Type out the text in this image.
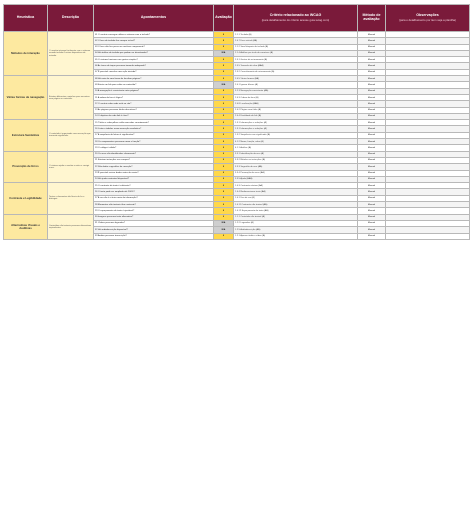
Heurística	Descrição	Apontamentos	Avaliação	Critério relacionado ao WCAG
(para detalhamento do critério acesse guia-wcag.com)	Método de avaliação	Observações
(para o detalhamento por item veja a planilha)

Métodos de interação	O usuário interage facilmente com o sistema usando teclado e outros dispositivos de entrada.	01 O usuário consegue utilizar o sistema com o teclado?	0	2.1.1 Teclado (A)	Manual	
		02 O foco do teclado fica sempre visível?	0	2.4.7 Foco visível (AA)	Manual	
		03 O foco não fica preso em nenhum componente?	0	2.1.2 Sem bloqueio do teclado (A)	Manual	
		04 Há atalhos de teclado que podem ser desativados?	N/A	2.1.4 Atalhos por tecla de caractere (A)	Manual	
		05 O sistema funciona com gestos simples?	0	2.5.1 Gestos de acionamento (A)	Manual	
		06 As áreas de toque possuem tamanho adequado?	0	2.5.5 Tamanho do alvo (AAA)	Manual	
		07 É possível cancelar uma ação iniciada?	0	2.5.2 Cancelamento de acionamento (A)	Manual	
Várias formas de navegação	Existem diferentes caminhos para encontrar uma página ou conteúdo.	08 Há mais de uma forma de localizar páginas?	0	2.4.5 Várias formas (AA)	Manual	
		09 Existe um link para saltar ao conteúdo?	N/A	2.4.1 Ignorar blocos (A)	Manual	
		10 A navegação é consistente entre páginas?	0	3.2.3 Navegação consistente (AA)	Manual	
		11 A ordem do foco é lógica?	0	2.4.3 Ordem do foco (A)	Manual	
		12 O usuário sabe onde está no site?	0	2.4.8 Localização (AAA)	Manual	
		13 As páginas possuem títulos descritivos?	0	2.4.2 Página com título (A)	Manual	
		14 O objetivo de cada link é claro?	0	2.4.4 Finalidade do link (A)	Manual	
Estrutura Semântica	O conteúdo é organizado com marcação que transmite significado.	15 Títulos e cabeçalhos estão marcados corretamente?	0	1.3.1 Informações e relações (A)	Manual	
		16 Listas e tabelas usam marcação semântica?	0	1.3.1 Informações e relações (A)	Manual	
		17 A sequência de leitura é significativa?	0	1.3.2 Sequência com significado (A)	Manual	
		18 Os componentes possuem nome e função?	0	4.1.2 Nome, função, valor (A)	Manual	
		19 O código é válido?	0	4.1.1 Análise (A)	Manual	
Prevenção de Erros	O sistema ajuda o usuário a evitar e corrigir erros.	20 Os erros são identificados claramente?	0	3.3.1 Identificação do erro (A)	Manual	
		21 Existem instruções nos campos?	0	3.3.2 Rótulos ou instruções (A)	Manual	
		22 São dadas sugestões de correção?	0	3.3.3 Sugestão de erro (AA)	Manual	
		23 É possível revisar dados antes de enviar?	0	3.3.4 Prevenção de erros (AA)	Manual	
		24 Há ajuda contextual disponível?	0	3.3.5 Ajuda (AAA)	Manual	
Contraste e Legibilidade	Textos e elementos são fáceis de ler e distinguir.	25 O contraste do texto é suficiente?	0	1.4.3 Contraste mínimo (AA)	Manual	
		26 O texto pode ser ampliado até 200%?	0	1.4.4 Redimensionar texto (AA)	Manual	
		27 A cor não é o único meio de informação?	0	1.4.1 Uso de cor (A)	Manual	
		28 Elementos não textuais têm contraste?	0	1.4.11 Contraste não textual (AA)	Manual	
		29 O espaçamento do texto é ajustável?	0	1.4.12 Espaçamento de texto (AA)	Manual	
Alternativas Visuais e Auditivas	Conteúdos não textuais possuem alternativas equivalentes.	30 Imagens possuem texto alternativo?	0	1.1.1 Conteúdo não textual (A)	Manual	
		31 Vídeos possuem legendas?	N/A	1.2.2 Legendas (A)	Manual	
		32 Há audiodescrição disponível?	N/A	1.2.5 Audiodescrição (AA)	Manual	
		33 Áudios possuem transcrição?	0	1.2.1 Apenas áudio e vídeo (A)	Manual	
